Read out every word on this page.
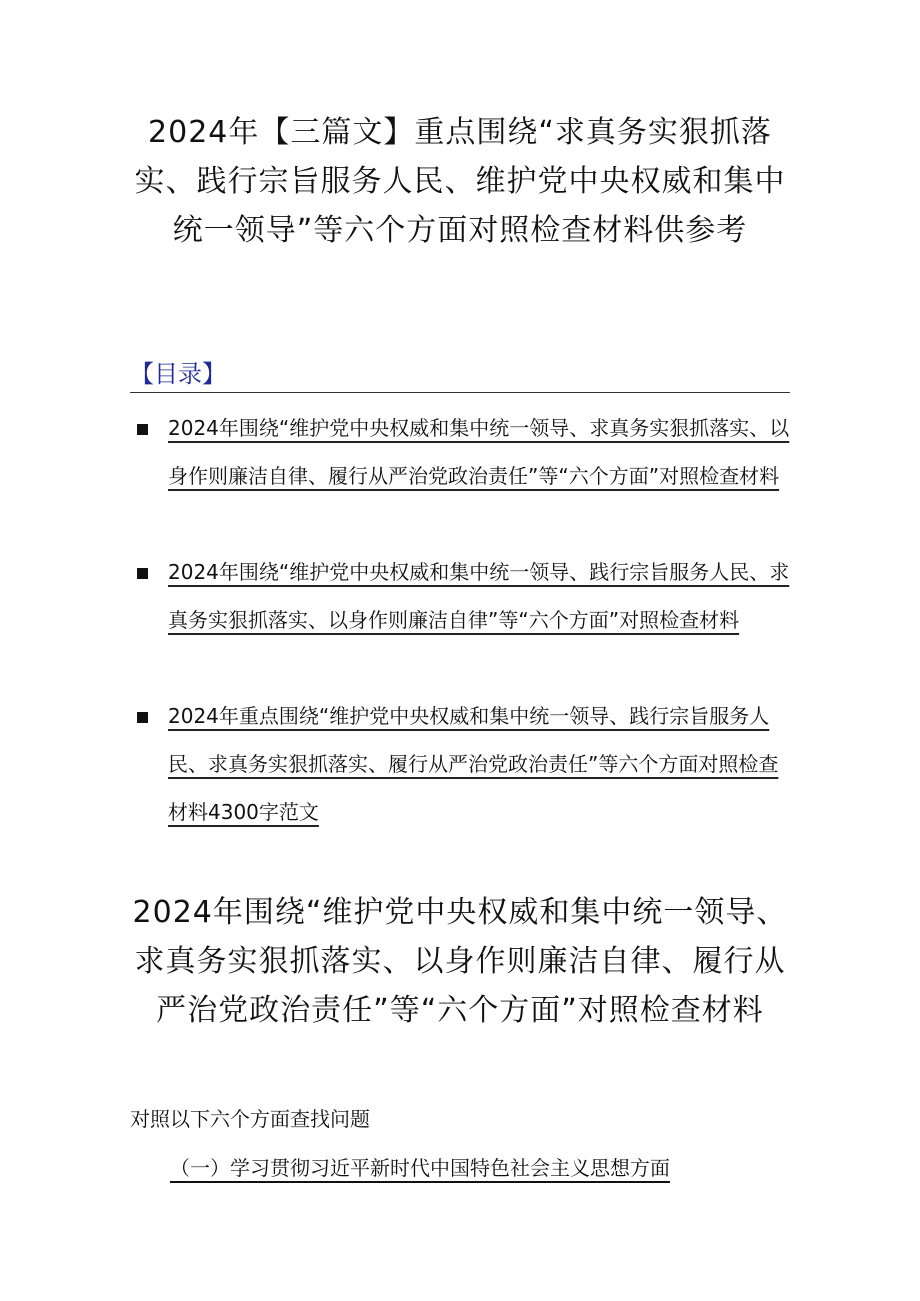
2024年【三篇文】重点围绕“求真务实狠抓落实、践行宗旨服务人民、维护党中央权威和集中统一领导”等六个方面对照检查材料供参考
【目录】
2024年围绕“维护党中央权威和集中统一领导、求真务实狠抓落实、以身作则廉洁自律、履行从严治党政治责任”等“六个方面”对照检查材料
2024年围绕“维护党中央权威和集中统一领导、践行宗旨服务人民、求真务实狠抓落实、以身作则廉洁自律”等“六个方面”对照检查材料
2024年重点围绕“维护党中央权威和集中统一领导、践行宗旨服务人民、求真务实狠抓落实、履行从严治党政治责任”等六个方面对照检查材料4300字范文
2024年围绕“维护党中央权威和集中统一领导、求真务实狠抓落实、以身作则廉洁自律、履行从严治党政治责任”等“六个方面”对照检查材料

对照以下六个方面查找问题

（一）学习贯彻习近平新时代中国特色社会主义思想方面
